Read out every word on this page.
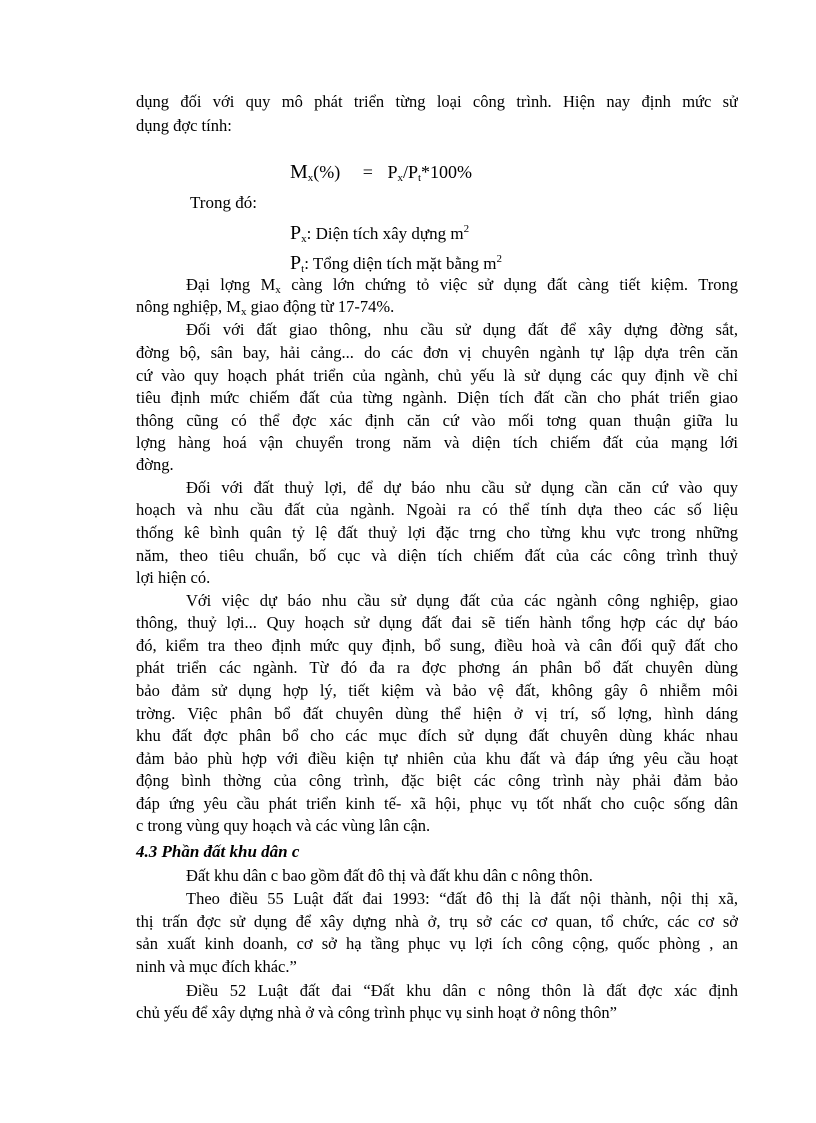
dụng đối với quy mô phát triển từng loại công trình. Hiện nay định mức sử
dụng đợc tính:
$M_x(\%) = P_x/P_t*100\%$
Trong đó:
$P_x$: Diện tích xây dựng $m^2$
$P_t$: Tổng diện tích mặt bằng $m^2$
Đại lợng $M_x$ càng lớn chứng tỏ việc sử dụng đất càng tiết kiệm. Trong
nông nghiệp, $M_x$ giao động từ 17-74%.
Đối với đất giao thông, nhu cầu sử dụng đất để xây dựng đờng sắt,
đờng bộ, sân bay, hải cảng... do các đơn vị chuyên ngành tự lập dựa trên căn
cứ vào quy hoạch phát triển của ngành, chủ yếu là sử dụng các quy định về chỉ
tiêu định mức chiếm đất của từng ngành. Diện tích đất cần cho phát triển giao
thông cũng có thể đợc xác định căn cứ vào mối tơng quan thuận giữa lu
lợng hàng hoá vận chuyển trong năm và diện tích chiếm đất của mạng lới
đờng.
Đối với đất thuỷ lợi, để dự báo nhu cầu sử dụng cần căn cứ vào quy
hoạch và nhu cầu đất của ngành. Ngoài ra có thể tính dựa theo các số liệu
thống kê bình quân tỷ lệ đất thuỷ lợi đặc trng cho từng khu vực trong những
năm, theo tiêu chuẩn, bố cục và diện tích chiếm đất của các công trình thuỷ
lợi hiện có.
Với việc dự báo nhu cầu sử dụng đất của các ngành công nghiệp, giao
thông, thuỷ lợi... Quy hoạch sử dụng đất đai sẽ tiến hành tổng hợp các dự báo
đó, kiểm tra theo định mức quy định, bổ sung, điều hoà và cân đối quỹ đất cho
phát triển các ngành. Từ đó đa ra đợc phơng án phân bổ đất chuyên dùng
bảo đảm sử dụng hợp lý, tiết kiệm và bảo vệ đất, không gây ô nhiễm môi
trờng. Việc phân bổ đất chuyên dùng thể hiện ở vị trí, số lợng, hình dáng
khu đất đợc phân bổ cho các mục đích sử dụng đất chuyên dùng khác nhau
đảm bảo phù hợp với điều kiện tự nhiên của khu đất và đáp ứng yêu cầu hoạt
động bình thờng của công trình, đặc biệt các công trình này phải đảm bảo
đáp ứng yêu cầu phát triển kinh tế- xã hội, phục vụ tốt nhất cho cuộc sống dân
c trong vùng quy hoạch và các vùng lân cận.
4.3 Phần đất khu dân c
Đất khu dân c bao gồm đất đô thị và đất khu dân c nông thôn.
Theo điều 55 Luật đất đai 1993: “đất đô thị là đất nội thành, nội thị xã,
thị trấn đợc sử dụng để xây dựng nhà ở, trụ sở các cơ quan, tổ chức, các cơ sở
sản xuất kinh doanh, cơ sở hạ tầng phục vụ lợi ích công cộng, quốc phòng , an
ninh và mục đích khác.”
Điều 52 Luật đất đai “Đất khu dân c nông thôn là đất đợc xác định
chủ yếu để xây dựng nhà ở và công trình phục vụ sinh hoạt ở nông thôn”
